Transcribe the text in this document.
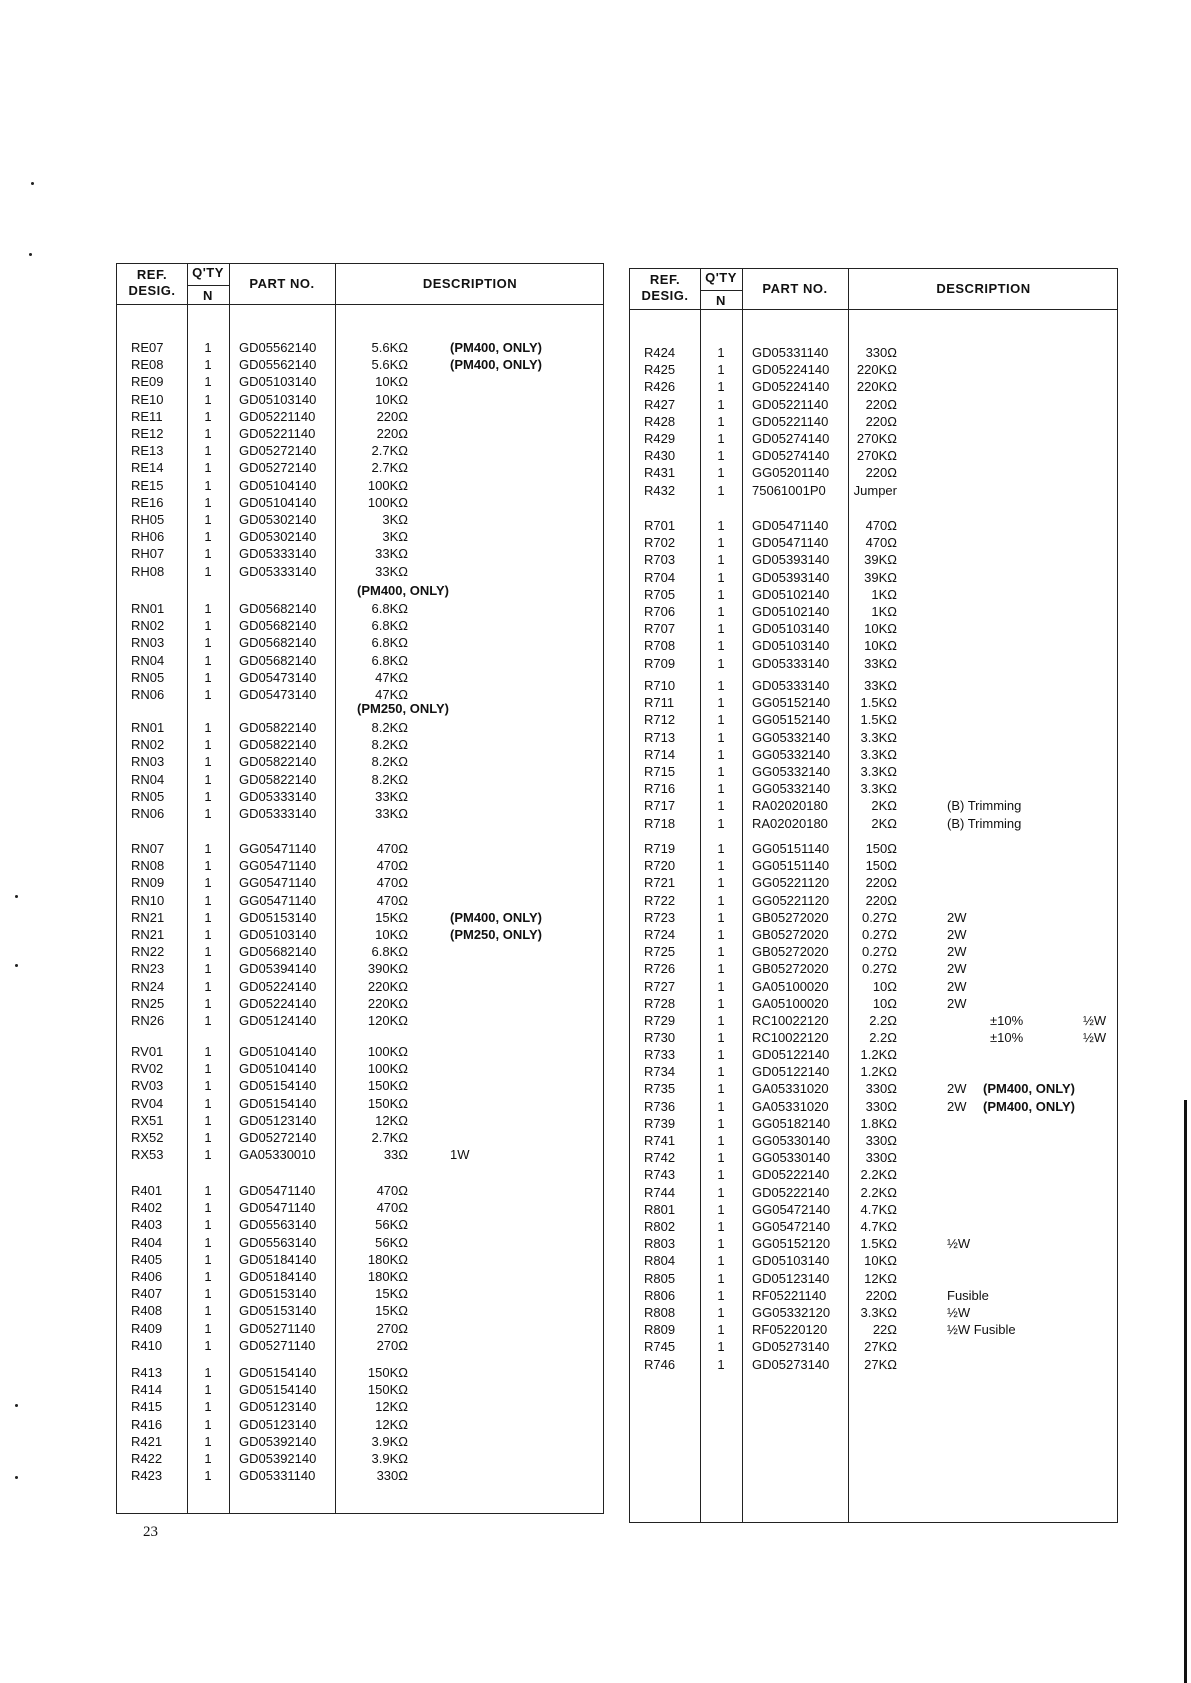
REF.
DESIG.
Q'TY
N
PART NO.	DESCRIPTION
RE07	1	GD05562140	5.6KΩ	(PM400, ONLY)
RE08	1	GD05562140	5.6KΩ	(PM400, ONLY)
RE09	1	GD05103140	10KΩ
RE10	1	GD05103140	10KΩ
RE11	1	GD05221140	220Ω
RE12	1	GD05221140	220Ω
RE13	1	GD05272140	2.7KΩ
RE14	1	GD05272140	2.7KΩ
RE15	1	GD05104140	100KΩ
RE16	1	GD05104140	100KΩ
RH05	1	GD05302140	3KΩ
RH06	1	GD05302140	3KΩ
RH07	1	GD05333140	33KΩ
RH08	1	GD05333140	33KΩ
RN01	1	GD05682140	6.8KΩ
RN02	1	GD05682140	6.8KΩ
RN03	1	GD05682140	6.8KΩ
RN04	1	GD05682140	6.8KΩ
RN05	1	GD05473140	47KΩ
RN06	1	GD05473140	47KΩ
RN01	1	GD05822140	8.2KΩ
RN02	1	GD05822140	8.2KΩ
RN03	1	GD05822140	8.2KΩ
RN04	1	GD05822140	8.2KΩ
RN05	1	GD05333140	33KΩ
RN06	1	GD05333140	33KΩ
RN07	1	GG05471140	470Ω
RN08	1	GG05471140	470Ω
RN09	1	GG05471140	470Ω
RN10	1	GG05471140	470Ω
RN21	1	GD05153140	15KΩ	(PM400, ONLY)
RN21	1	GD05103140	10KΩ	(PM250, ONLY)
RN22	1	GD05682140	6.8KΩ
RN23	1	GD05394140	390KΩ
RN24	1	GD05224140	220KΩ
RN25	1	GD05224140	220KΩ
RN26	1	GD05124140	120KΩ
RV01	1	GD05104140	100KΩ
RV02	1	GD05104140	100KΩ
RV03	1	GD05154140	150KΩ
RV04	1	GD05154140	150KΩ
RX51	1	GD05123140	12KΩ
RX52	1	GD05272140	2.7KΩ
RX53	1	GA05330010	33Ω	1W
R401	1	GD05471140	470Ω
R402	1	GD05471140	470Ω
R403	1	GD05563140	56KΩ
R404	1	GD05563140	56KΩ
R405	1	GD05184140	180KΩ
R406	1	GD05184140	180KΩ
R407	1	GD05153140	15KΩ
R408	1	GD05153140	15KΩ
R409	1	GD05271140	270Ω
R410	1	GD05271140	270Ω
R413	1	GD05154140	150KΩ
R414	1	GD05154140	150KΩ
R415	1	GD05123140	12KΩ
R416	1	GD05123140	12KΩ
R421	1	GD05392140	3.9KΩ
R422	1	GD05392140	3.9KΩ
R423	1	GD05331140	330Ω
(PM400, ONLY)
(PM250, ONLY)
REF.
DESIG.
Q'TY
N
PART NO.	DESCRIPTION
R424	1	GD05331140	330Ω
R425	1	GD05224140	220KΩ
R426	1	GD05224140	220KΩ
R427	1	GD05221140	220Ω
R428	1	GD05221140	220Ω
R429	1	GD05274140	270KΩ
R430	1	GD05274140	270KΩ
R431	1	GG05201140	220Ω
R432	1	75061001P0	Jumper
R701	1	GD05471140	470Ω
R702	1	GD05471140	470Ω
R703	1	GD05393140	39KΩ
R704	1	GD05393140	39KΩ
R705	1	GD05102140	1KΩ
R706	1	GD05102140	1KΩ
R707	1	GD05103140	10KΩ
R708	1	GD05103140	10KΩ
R709	1	GD05333140	33KΩ
R710	1	GD05333140	33KΩ
R711	1	GG05152140	1.5KΩ
R712	1	GG05152140	1.5KΩ
R713	1	GG05332140	3.3KΩ
R714	1	GG05332140	3.3KΩ
R715	1	GG05332140	3.3KΩ
R716	1	GG05332140	3.3KΩ
R717	1	RA02020180	2KΩ	(B) Trimming
R718	1	RA02020180	2KΩ	(B) Trimming
R719	1	GG05151140	150Ω
R720	1	GG05151140	150Ω
R721	1	GG05221120	220Ω
R722	1	GG05221120	220Ω
R723	1	GB05272020	0.27Ω	2W
R724	1	GB05272020	0.27Ω	2W
R725	1	GB05272020	0.27Ω	2W
R726	1	GB05272020	0.27Ω	2W
R727	1	GA05100020	10Ω	2W
R728	1	GA05100020	10Ω	2W
R729	1	RC10022120	2.2Ω	±10%	½W
R730	1	RC10022120	2.2Ω	±10%	½W
R733	1	GD05122140	1.2KΩ
R734	1	GD05122140	1.2KΩ
R735	1	GA05331020	330Ω	2W (PM400, ONLY)
R736	1	GA05331020	330Ω	2W (PM400, ONLY)
R739	1	GG05182140	1.8KΩ
R741	1	GG05330140	330Ω
R742	1	GG05330140	330Ω
R743	1	GD05222140	2.2KΩ
R744	1	GD05222140	2.2KΩ
R801	1	GG05472140	4.7KΩ
R802	1	GG05472140	4.7KΩ
R803	1	GG05152120	1.5KΩ	½W
R804	1	GD05103140	10KΩ
R805	1	GD05123140	12KΩ
R806	1	RF05221140	220Ω	Fusible
R808	1	GG05332120	3.3KΩ	½W
R809	1	RF05220120	22Ω	½W Fusible
R745	1	GD05273140	27KΩ
R746	1	GD05273140	27KΩ
23
